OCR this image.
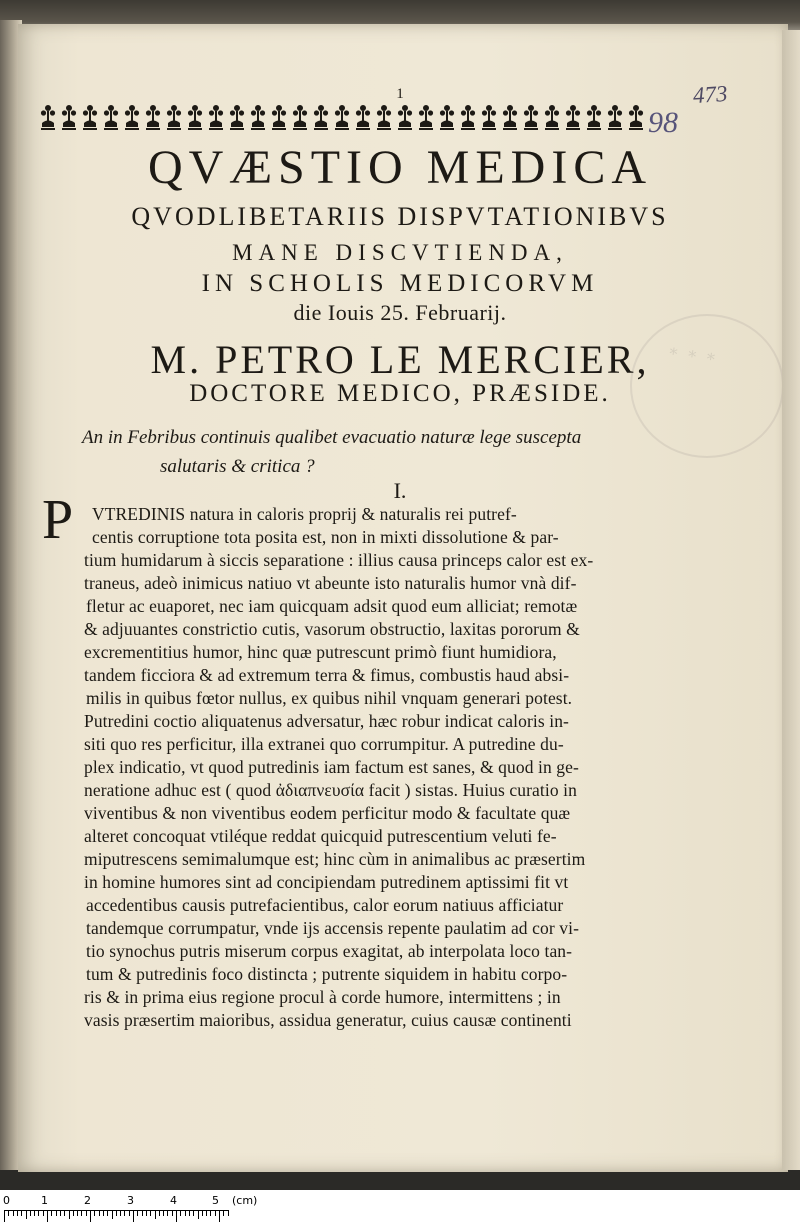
∗ ∗ ∗
1	473
98
QVÆSTIO MEDICA
QVODLIBETARIIS DISPVTATIONIBVS
MANE DISCVTIENDA,
IN SCHOLIS MEDICORVM
die Iouis 25. Februarij.
M. PETRO LE MERCIER,
DOCTORE MEDICO, PRÆSIDE.
An in Febribus continuis qualibet evacuatio naturæ lege suscepta
salutaris & critica ?
I.
P VTREDINIS natura in caloris proprij & naturalis rei putref-
centis corruptione tota posita est, non in mixti dissolutione & par-
tium humidarum à siccis separatione : illius causa princeps calor est ex-
traneus, adeò inimicus natiuo vt abeunte isto naturalis humor vnà dif-
fletur ac euaporet, nec iam quicquam adsit quod eum alliciat; remotæ
& adjuuantes constrictio cutis, vasorum obstructio, laxitas pororum &
excrementitius humor, hinc quæ putrescunt primò fiunt humidiora,
tandem ficciora & ad extremum terra & fimus, combustis haud absi-
milis in quibus fœtor nullus, ex quibus nihil vnquam generari potest.
Putredini coctio aliquatenus adversatur, hæc robur indicat caloris in-
siti quo res perficitur, illa extranei quo corrumpitur. A putredine du-
plex indicatio, vt quod putredinis iam factum est sanes, & quod in ge-
neratione adhuc est ( quod ἀδιαπνευσία facit ) sistas. Huius curatio in
viventibus & non viventibus eodem perficitur modo & facultate quæ
alteret concoquat vtiléque reddat quicquid putrescentium veluti fe-
miputrescens semimalumque est; hinc cùm in animalibus ac præsertim
in homine humores sint ad concipiendam putredinem aptissimi fit vt
accedentibus causis putrefacientibus, calor eorum natiuus afficiatur
tandemque corrumpatur, vnde ijs accensis repente paulatim ad cor vi-
tio synochus putris miserum corpus exagitat, ab interpolata loco tan-
tum & putredinis foco distincta ; putrente siquidem in habitu corpo-
ris & in prima eius regione procul à corde humore, intermittens ; in
vasis præsertim maioribus, assidua generatur, cuius causæ continenti
0	1	2	3	4	5 (cm)
